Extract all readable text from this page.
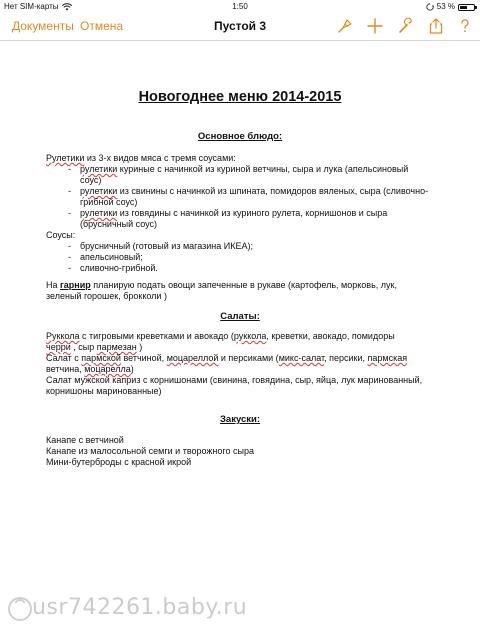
Нет SIM-карты	1:50	53 %
Документы Отмена	Пустой 3
Новогоднее меню 2014-2015
Основное блюдо:
Рулетики из 3-х видов мяса с тремя соусами:
- рулетики куриные с начинкой из куриной ветчины, сыра и лука (апельсиновый
соус)
- рулетики из свинины с начинкой из шпината, помидоров вяленых, сыра (сливочно-
грибной соус)
- рулетики из говядины с начинкой из куриного рулета, корнишонов и сыра
(брусничный соус)
Соусы:
- брусничный (готовый из магазина ИКЕА);
- апельсиновый;
- сливочно-грибной.
На гарнир планирую подать овощи запеченные в рукаве (картофель, морковь, лук,
зеленый горошек, брокколи )
Салаты:
Руккола с тигровыми креветками и авокадо (руккола, креветки, авокадо, помидоры
черри , сыр пармезан )
Салат с пармской ветчиной, моцареллой и персиками (микс-салат, персики, пармская
ветчина, моцарелла)
Салат мужской каприз с корнишонами (свинина, говядина, сыр, яйца, лук маринованный,
корнишоны маринованные)
Закуски:
Канапе с ветчиной
Канапе из малосольной семги и творожного сыра
Мини-бутерброды с красной икрой
usr742261.baby.ru
